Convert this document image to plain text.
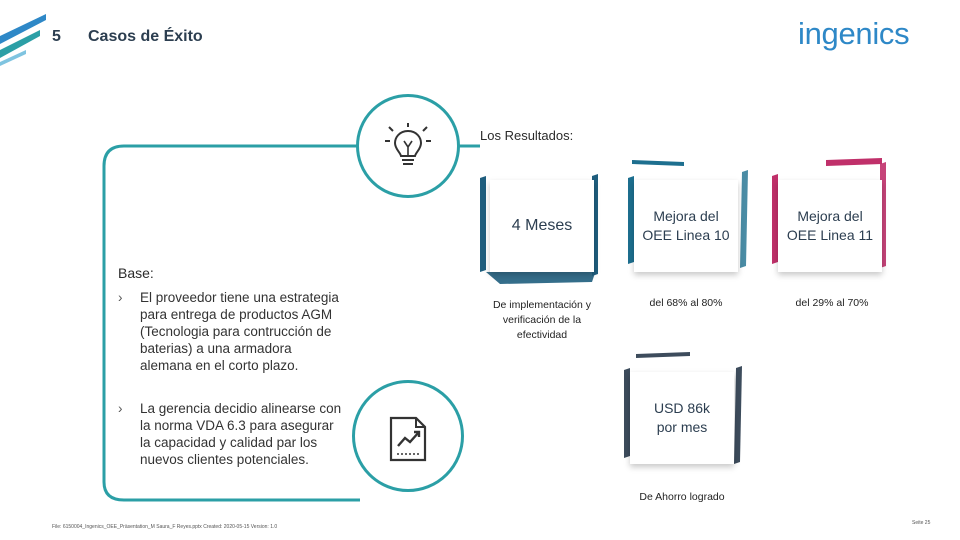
5 Casos de Éxito	ingenics
Base:
›	El proveedor tiene una estrategia para entrega de productos AGM (Tecnologia para contrucción de baterias) a una armadora alemana en el corto plazo.
›	La gerencia decidio alinearse con la norma VDA 6.3 para asegurar la capacidad y calidad par los nuevos clientes potenciales.
Los Resultados:
4 Meses
Mejora del OEE Linea 10
Mejora del OEE Linea 11
USD 86k por mes
De implementación y verificación de la efectividad
del 68% al 80%	del 29% al 70%
De Ahorro logrado
File: 6150004_Ingenics_OEE_Präsentation_M Saura_F Reyes.pptx Created: 2020-05-15 Version: 1.0
Seite 25
